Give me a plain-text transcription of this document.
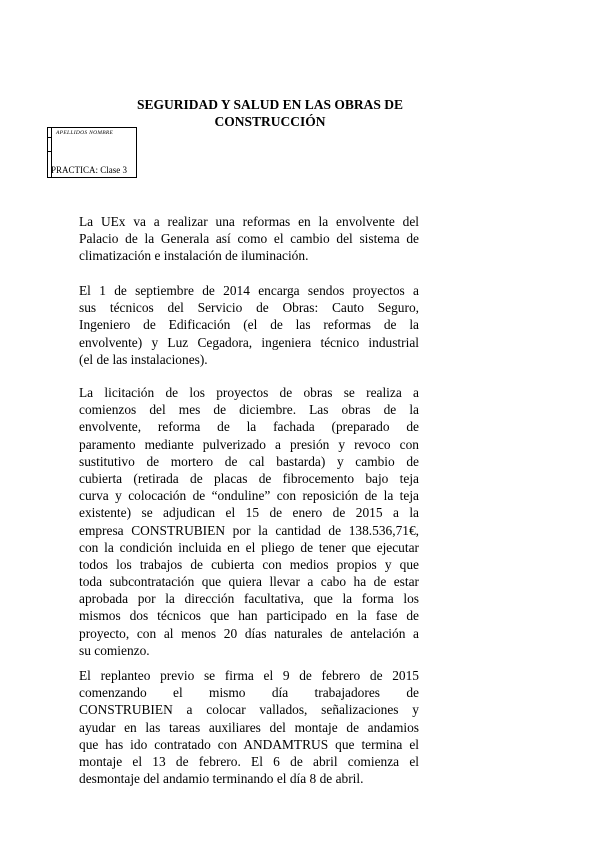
SEGURIDAD Y SALUD EN LAS OBRAS DE
CONSTRUCCIÓN
APELLIDOS NOMBRE
PRACTICA: Clase 3
La UEx va a realizar una reformas en la envolvente del
Palacio de la Generala así como el cambio del sistema de
climatización e instalación de iluminación.
El 1 de septiembre de 2014 encarga sendos proyectos a
sus técnicos del Servicio de Obras: Cauto Seguro,
Ingeniero de Edificación (el de las reformas de la
envolvente) y Luz Cegadora, ingeniera técnico industrial
(el de las instalaciones).
La licitación de los proyectos de obras se realiza a
comienzos del mes de diciembre. Las obras de la
envolvente, reforma de la fachada (preparado de
paramento mediante pulverizado a presión y revoco con
sustitutivo de mortero de cal bastarda) y cambio de
cubierta (retirada de placas de fibrocemento bajo teja
curva y colocación de “onduline” con reposición de la teja
existente) se adjudican el 15 de enero de 2015 a la
empresa CONSTRUBIEN por la cantidad de 138.536,71€,
con la condición incluida en el pliego de tener que ejecutar
todos los trabajos de cubierta con medios propios y que
toda subcontratación que quiera llevar a cabo ha de estar
aprobada por la dirección facultativa, que la forma los
mismos dos técnicos que han participado en la fase de
proyecto, con al menos 20 días naturales de antelación a
su comienzo.
El replanteo previo se firma el 9 de febrero de 2015
comenzando el mismo día trabajadores de
CONSTRUBIEN a colocar vallados, señalizaciones y
ayudar en las tareas auxiliares del montaje de andamios
que has ido contratado con ANDAMTRUS que termina el
montaje el 13 de febrero. El 6 de abril comienza el
desmontaje del andamio terminando el día 8 de abril.
